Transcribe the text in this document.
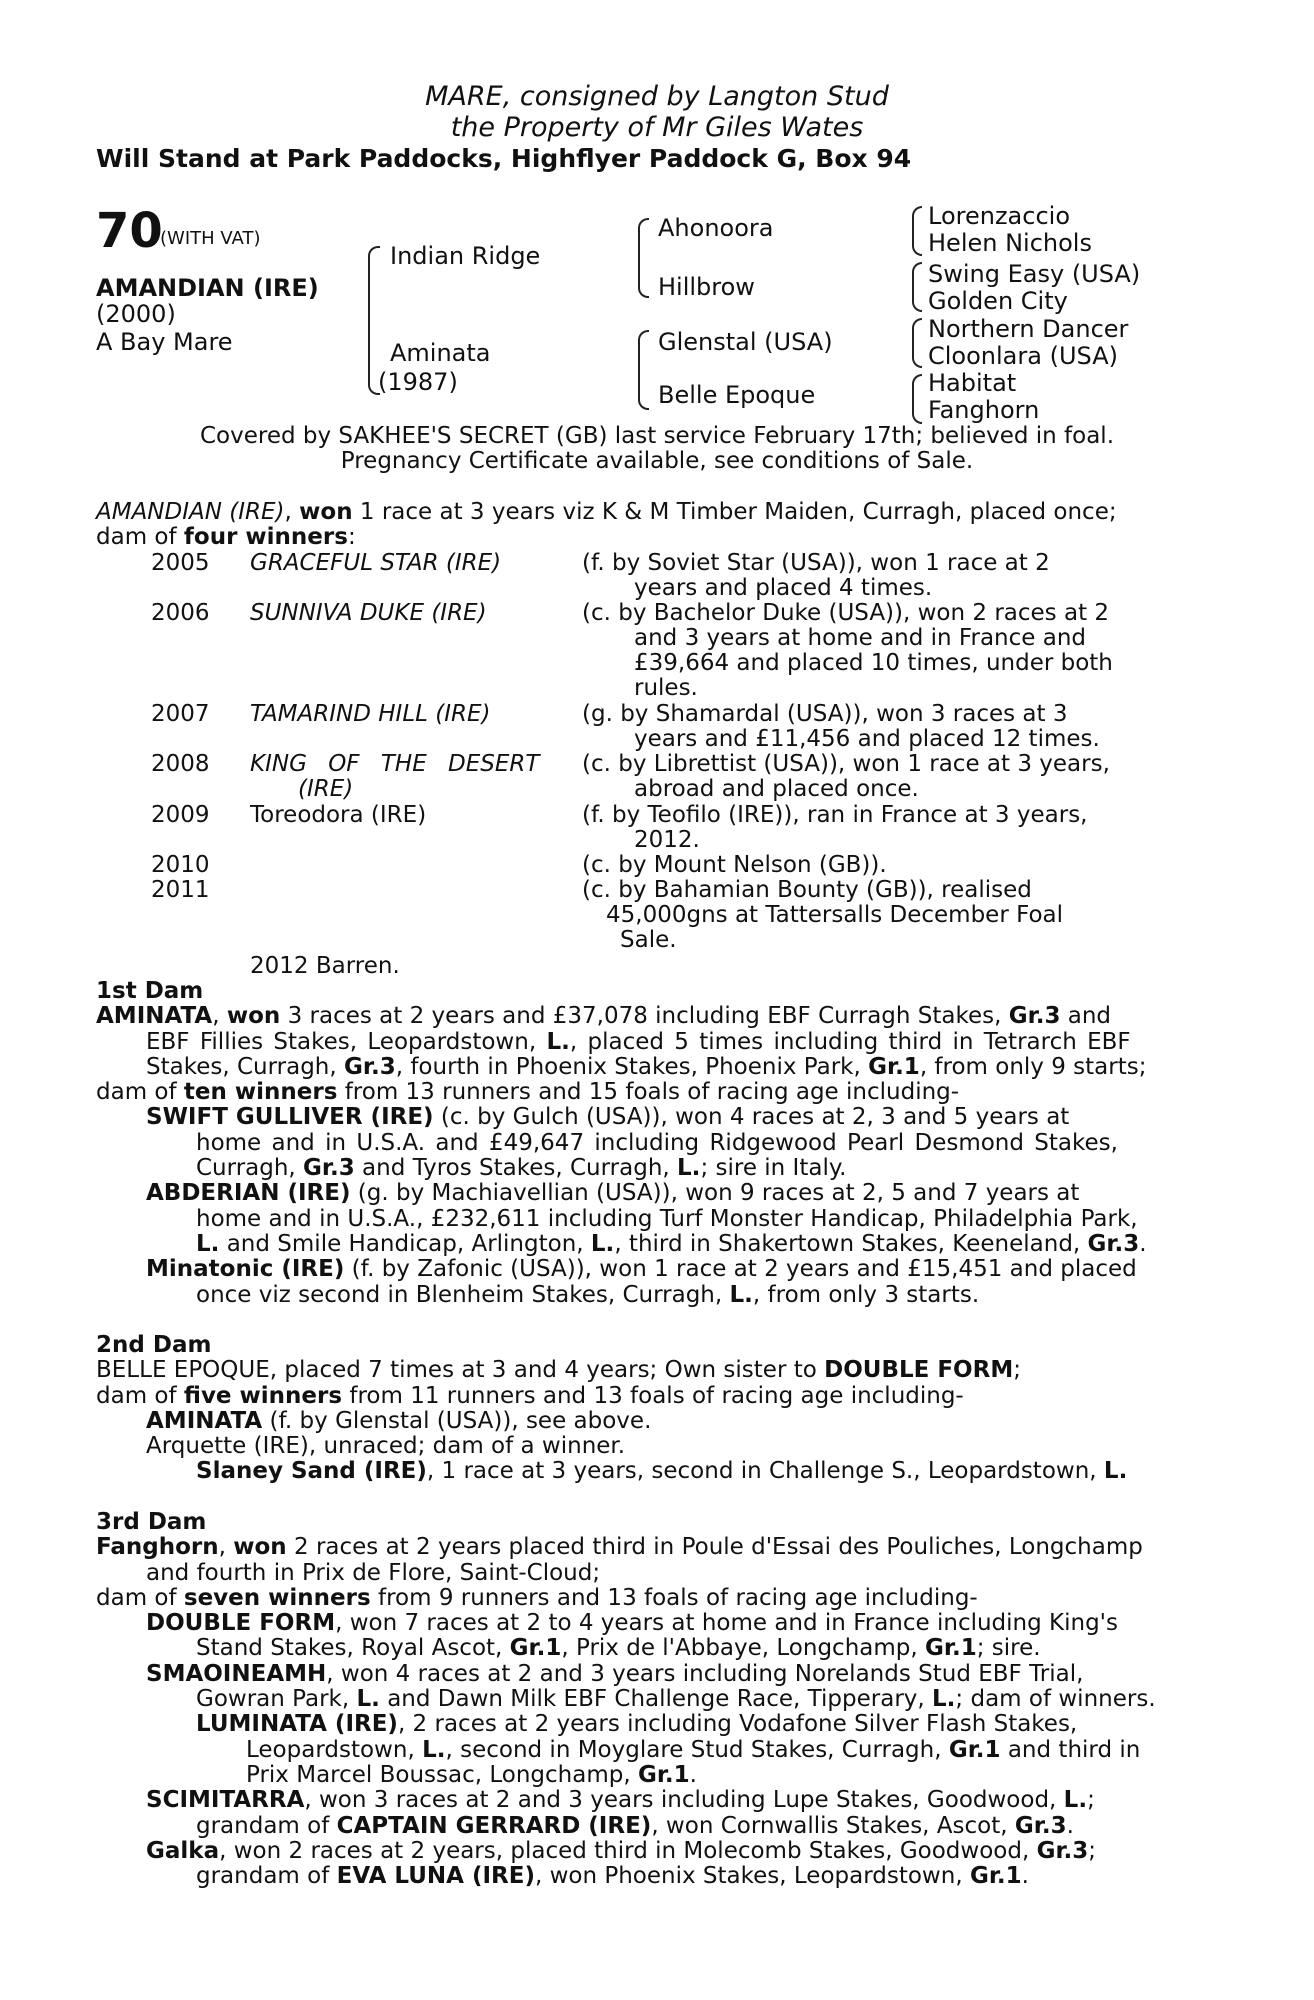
MARE, consigned by Langton Stud
the Property of Mr Giles Wates
Will Stand at Park Paddocks, Highflyer Paddock G, Box 94
70
(WITH VAT)
AMANDIAN (IRE)
(2000)
A Bay Mare
Indian Ridge
Aminata
(1987)
Ahonoora
Hillbrow
Glenstal (USA)
Belle Epoque
Lorenzaccio
Helen Nichols
Swing Easy (USA)
Golden City
Northern Dancer
Cloonlara (USA)
Habitat
Fanghorn
Covered by SAKHEE'S SECRET (GB) last service February 17th; believed in foal.
Pregnancy Certificate available, see conditions of Sale.
AMANDIAN (IRE), won 1 race at 3 years viz K & M Timber Maiden, Curragh, placed once;
dam of four winners:
2005 GRACEFUL STAR (IRE)	(f. by Soviet Star (USA)), won 1 race at 2
years and placed 4 times.
2006 SUNNIVA DUKE (IRE)	(c. by Bachelor Duke (USA)), won 2 races at 2
and 3 years at home and in France and
£39,664 and placed 10 times, under both
rules.
2007 TAMARIND HILL (IRE)	(g. by Shamardal (USA)), won 3 races at 3
years and £11,456 and placed 12 times.
2008 KING OF THE DESERT
(IRE)
(c. by Librettist (USA)), won 1 race at 3 years,
abroad and placed once.
2009 Toreodora (IRE)	(f. by Teofilo (IRE)), ran in France at 3 years,
2012.
2010	(c. by Mount Nelson (GB)).
2011	(c. by Bahamian Bounty (GB)), realised
45,000gns at Tattersalls December Foal
Sale.
2012 Barren.
1st Dam
AMINATA, won 3 races at 2 years and £37,078 including EBF Curragh Stakes, Gr.3 and
EBF Fillies Stakes, Leopardstown, L., placed 5 times including third in Tetrarch EBF
Stakes, Curragh, Gr.3, fourth in Phoenix Stakes, Phoenix Park, Gr.1, from only 9 starts;
dam of ten winners from 13 runners and 15 foals of racing age including-
SWIFT GULLIVER (IRE) (c. by Gulch (USA)), won 4 races at 2, 3 and 5 years at
home and in U.S.A. and £49,647 including Ridgewood Pearl Desmond Stakes,
Curragh, Gr.3 and Tyros Stakes, Curragh, L.; sire in Italy.
ABDERIAN (IRE) (g. by Machiavellian (USA)), won 9 races at 2, 5 and 7 years at
home and in U.S.A., £232,611 including Turf Monster Handicap, Philadelphia Park,
L. and Smile Handicap, Arlington, L., third in Shakertown Stakes, Keeneland, Gr.3.
Minatonic (IRE) (f. by Zafonic (USA)), won 1 race at 2 years and £15,451 and placed
once viz second in Blenheim Stakes, Curragh, L., from only 3 starts.
2nd Dam
BELLE EPOQUE, placed 7 times at 3 and 4 years; Own sister to DOUBLE FORM;
dam of five winners from 11 runners and 13 foals of racing age including-
AMINATA (f. by Glenstal (USA)), see above.
Arquette (IRE), unraced; dam of a winner.
Slaney Sand (IRE), 1 race at 3 years, second in Challenge S., Leopardstown, L.
3rd Dam
Fanghorn, won 2 races at 2 years placed third in Poule d'Essai des Pouliches, Longchamp
and fourth in Prix de Flore, Saint-Cloud;
dam of seven winners from 9 runners and 13 foals of racing age including-
DOUBLE FORM, won 7 races at 2 to 4 years at home and in France including King's
Stand Stakes, Royal Ascot, Gr.1, Prix de l'Abbaye, Longchamp, Gr.1; sire.
SMAOINEAMH, won 4 races at 2 and 3 years including Norelands Stud EBF Trial,
Gowran Park, L. and Dawn Milk EBF Challenge Race, Tipperary, L.; dam of winners.
LUMINATA (IRE), 2 races at 2 years including Vodafone Silver Flash Stakes,
Leopardstown, L., second in Moyglare Stud Stakes, Curragh, Gr.1 and third in
Prix Marcel Boussac, Longchamp, Gr.1.
SCIMITARRA, won 3 races at 2 and 3 years including Lupe Stakes, Goodwood, L.;
grandam of CAPTAIN GERRARD (IRE), won Cornwallis Stakes, Ascot, Gr.3.
Galka, won 2 races at 2 years, placed third in Molecomb Stakes, Goodwood, Gr.3;
grandam of EVA LUNA (IRE), won Phoenix Stakes, Leopardstown, Gr.1.
